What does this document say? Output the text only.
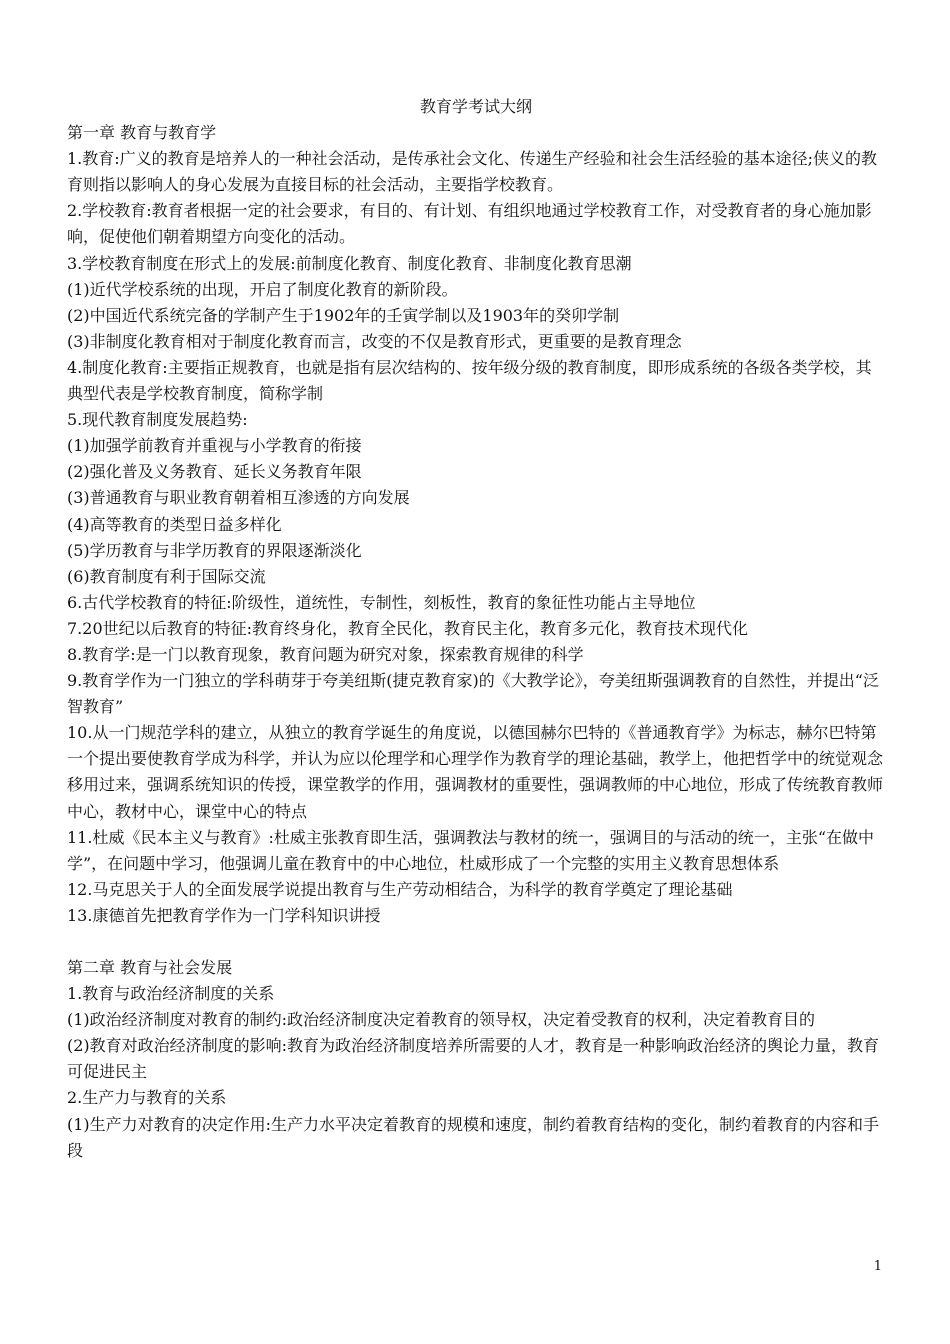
教育学考试大纲

第一章 教育与教育学

1.教育:广义的教育是培养人的一种社会活动，是传承社会文化、传递生产经验和社会生活经验的基本途径;侠义的教育则指以影响人的身心发展为直接目标的社会活动，主要指学校教育。

2.学校教育:教育者根据一定的社会要求，有目的、有计划、有组织地通过学校教育工作，对受教育者的身心施加影响，促使他们朝着期望方向变化的活动。

3.学校教育制度在形式上的发展:前制度化教育、制度化教育、非制度化教育思潮

(1)近代学校系统的出现，开启了制度化教育的新阶段。

(2)中国近代系统完备的学制产生于1902年的壬寅学制以及1903年的癸卯学制

(3)非制度化教育相对于制度化教育而言，改变的不仅是教育形式，更重要的是教育理念

4.制度化教育:主要指正规教育，也就是指有层次结构的、按年级分级的教育制度，即形成系统的各级各类学校，其典型代表是学校教育制度，简称学制

5.现代教育制度发展趋势:

(1)加强学前教育并重视与小学教育的衔接

(2)强化普及义务教育、延长义务教育年限

(3)普通教育与职业教育朝着相互渗透的方向发展

(4)高等教育的类型日益多样化

(5)学历教育与非学历教育的界限逐渐淡化

(6)教育制度有利于国际交流

6.古代学校教育的特征:阶级性，道统性，专制性，刻板性，教育的象征性功能占主导地位

7.20世纪以后教育的特征:教育终身化，教育全民化，教育民主化，教育多元化，教育技术现代化

8.教育学:是一门以教育现象，教育问题为研究对象，探索教育规律的科学

9.教育学作为一门独立的学科萌芽于夸美纽斯(捷克教育家)的《大教学论》，夸美纽斯强调教育的自然性，并提出“泛智教育”

10.从一门规范学科的建立，从独立的教育学诞生的角度说，以德国赫尔巴特的《普通教育学》为标志，赫尔巴特第一个提出要使教育学成为科学，并认为应以伦理学和心理学作为教育学的理论基础，教学上，他把哲学中的统觉观念移用过来，强调系统知识的传授，课堂教学的作用，强调教材的重要性，强调教师的中心地位，形成了传统教育教师中心，教材中心，课堂中心的特点

11.杜威《民本主义与教育》:杜威主张教育即生活，强调教法与教材的统一，强调目的与活动的统一，主张“在做中学”，在问题中学习，他强调儿童在教育中的中心地位，杜威形成了一个完整的实用主义教育思想体系

12.马克思关于人的全面发展学说提出教育与生产劳动相结合，为科学的教育学奠定了理论基础

13.康德首先把教育学作为一门学科知识讲授

第二章 教育与社会发展

1.教育与政治经济制度的关系

(1)政治经济制度对教育的制约:政治经济制度决定着教育的领导权，决定着受教育的权利，决定着教育目的

(2)教育对政治经济制度的影响:教育为政治经济制度培养所需要的人才，教育是一种影响政治经济的舆论力量，教育可促进民主

2.生产力与教育的关系

(1)生产力对教育的决定作用:生产力水平决定着教育的规模和速度，制约着教育结构的变化，制约着教育的内容和手段

1
